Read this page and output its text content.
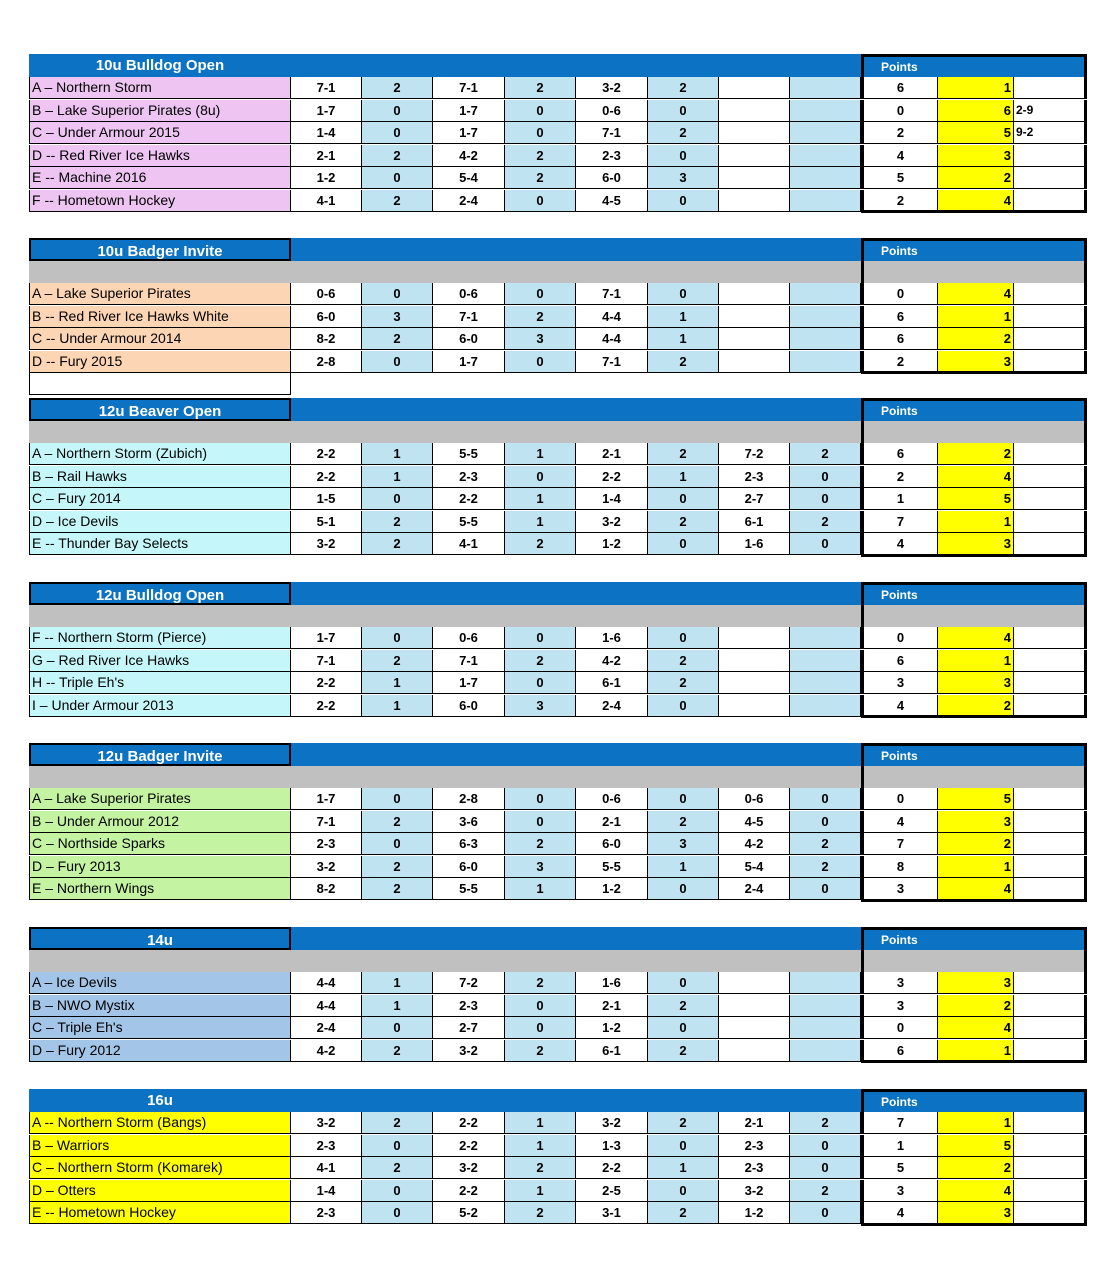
10u Bulldog Open	Points
A – Northern Storm	7-1	2	7-1	2	3-2	2	6	1
B – Lake Superior Pirates (8u)	1-7	0	1-7	0	0-6	0	0	6 2-9
C – Under Armour 2015	1-4	0	1-7	0	7-1	2	2	5 9-2
D -- Red River Ice Hawks	2-1	2	4-2	2	2-3	0	4	3
E -- Machine 2016	1-2	0	5-4	2	6-0	3	5	2
F -- Hometown Hockey	4-1	2	2-4	0	4-5	0	2	4
10u Badger Invite	Points
A – Lake Superior Pirates	0-6	0	0-6	0	7-1	0	0	4
B -- Red River Ice Hawks White	6-0	3	7-1	2	4-4	1	6	1
C -- Under Armour 2014	8-2	2	6-0	3	4-4	1	6	2
D -- Fury 2015	2-8	0	1-7	0	7-1	2	2	3
12u Beaver Open	Points
A – Northern Storm (Zubich)	2-2	1	5-5	1	2-1	2	7-2	2	6	2
B – Rail Hawks	2-2	1	2-3	0	2-2	1	2-3	0	2	4
C – Fury 2014	1-5	0	2-2	1	1-4	0	2-7	0	1	5
D – Ice Devils	5-1	2	5-5	1	3-2	2	6-1	2	7	1
E -- Thunder Bay Selects	3-2	2	4-1	2	1-2	0	1-6	0	4	3
12u Bulldog Open	Points
F -- Northern Storm (Pierce)	1-7	0	0-6	0	1-6	0	0	4
G – Red River Ice Hawks	7-1	2	7-1	2	4-2	2	6	1
H -- Triple Eh's	2-2	1	1-7	0	6-1	2	3	3
I – Under Armour 2013	2-2	1	6-0	3	2-4	0	4	2
12u Badger Invite	Points
A – Lake Superior Pirates	1-7	0	2-8	0	0-6	0	0-6	0	0	5
B – Under Armour 2012	7-1	2	3-6	0	2-1	2	4-5	0	4	3
C – Northside Sparks	2-3	0	6-3	2	6-0	3	4-2	2	7	2
D – Fury 2013	3-2	2	6-0	3	5-5	1	5-4	2	8	1
E – Northern Wings	8-2	2	5-5	1	1-2	0	2-4	0	3	4
14u	Points
A – Ice Devils	4-4	1	7-2	2	1-6	0	3	3
B – NWO Mystix	4-4	1	2-3	0	2-1	2	3	2
C – Triple Eh's	2-4	0	2-7	0	1-2	0	0	4
D – Fury 2012	4-2	2	3-2	2	6-1	2	6	1
16u	Points
A -- Northern Storm (Bangs)	3-2	2	2-2	1	3-2	2	2-1	2	7	1
B – Warriors	2-3	0	2-2	1	1-3	0	2-3	0	1	5
C – Northern Storm (Komarek)	4-1	2	3-2	2	2-2	1	2-3	0	5	2
D – Otters	1-4	0	2-2	1	2-5	0	3-2	2	3	4
E -- Hometown Hockey	2-3	0	5-2	2	3-1	2	1-2	0	4	3
